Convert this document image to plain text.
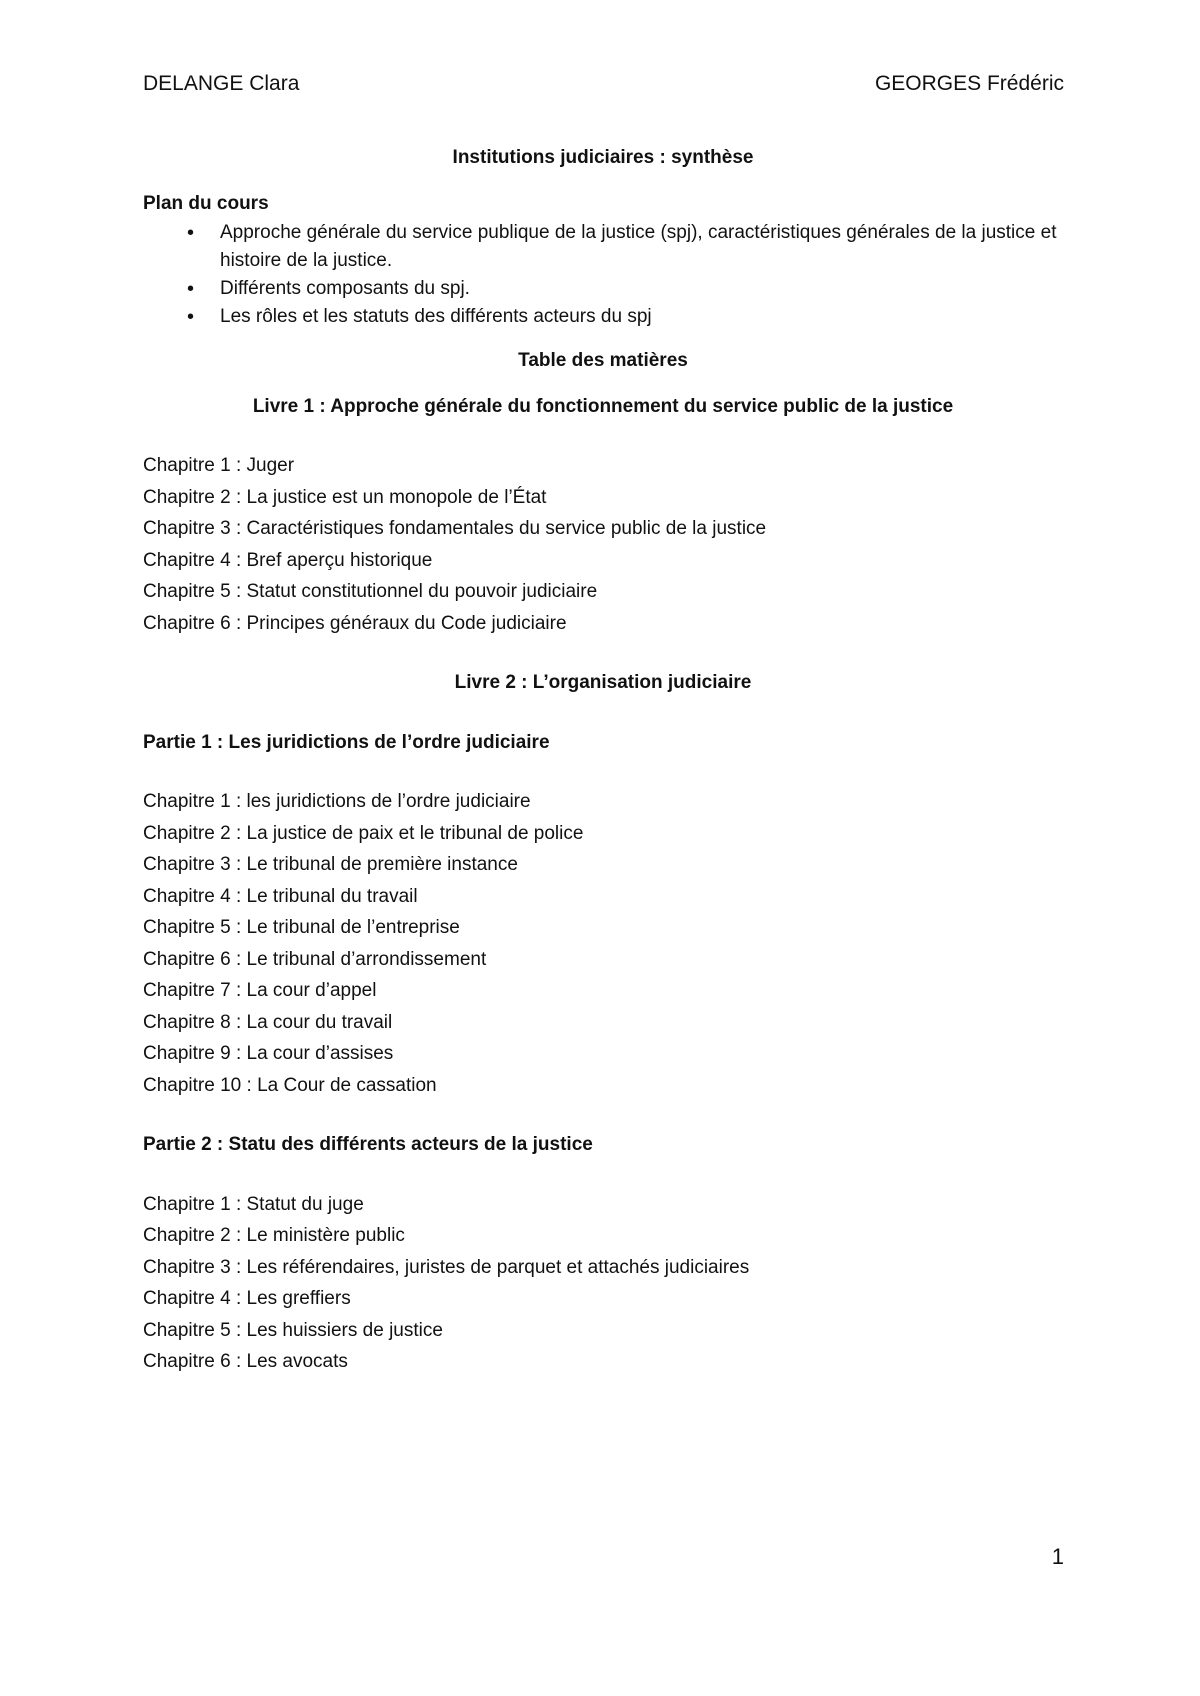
DELANGE Clara	GEORGES Frédéric
Institutions judiciaires : synthèse
Plan du cours
• Approche générale du service publique de la justice (spj), caractéristiques générales de la justice et histoire de la justice.
• Différents composants du spj.
• Les rôles et les statuts des différents acteurs du spj
Table des matières
Livre 1 : Approche générale du fonctionnement du service public de la justice
Chapitre 1 : Juger
Chapitre 2 : La justice est un monopole de l’État
Chapitre 3 : Caractéristiques fondamentales du service public de la justice
Chapitre 4 : Bref aperçu historique
Chapitre 5 : Statut constitutionnel du pouvoir judiciaire
Chapitre 6 : Principes généraux du Code judiciaire
Livre 2 : L’organisation judiciaire
Partie 1 : Les juridictions de l’ordre judiciaire
Chapitre 1 : les juridictions de l’ordre judiciaire
Chapitre 2 : La justice de paix et le tribunal de police
Chapitre 3 : Le tribunal de première instance
Chapitre 4 : Le tribunal du travail
Chapitre 5 : Le tribunal de l’entreprise
Chapitre 6 : Le tribunal d’arrondissement
Chapitre 7 : La cour d’appel
Chapitre 8 : La cour du travail
Chapitre 9 : La cour d’assises
Chapitre 10 : La Cour de cassation
Partie 2 : Statu des différents acteurs de la justice
Chapitre 1 : Statut du juge
Chapitre 2 : Le ministère public
Chapitre 3 : Les référendaires, juristes de parquet et attachés judiciaires
Chapitre 4 : Les greffiers
Chapitre 5 : Les huissiers de justice
Chapitre 6 : Les avocats
1
